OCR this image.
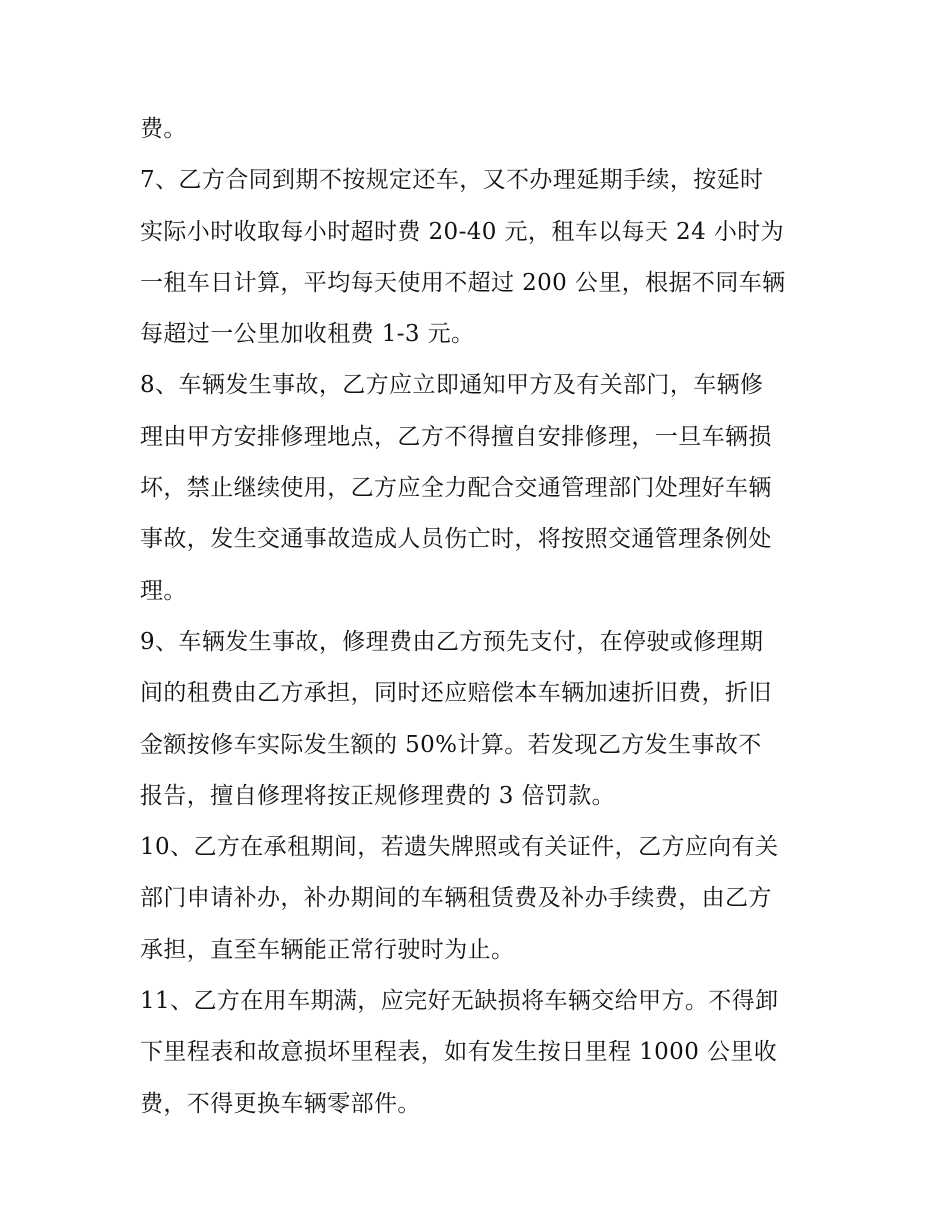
费。
7、乙方合同到期不按规定还车，又不办理延期手续，按延时
实际小时收取每小时超时费 20-40 元，租车以每天 24 小时为
一租车日计算，平均每天使用不超过 200 公里，根据不同车辆
每超过一公里加收租费 1-3 元。
8、车辆发生事故，乙方应立即通知甲方及有关部门，车辆修
理由甲方安排修理地点，乙方不得擅自安排修理，一旦车辆损
坏，禁止继续使用，乙方应全力配合交通管理部门处理好车辆
事故，发生交通事故造成人员伤亡时，将按照交通管理条例处
理。
9、车辆发生事故，修理费由乙方预先支付，在停驶或修理期
间的租费由乙方承担，同时还应赔偿本车辆加速折旧费，折旧
金额按修车实际发生额的 50%计算。若发现乙方发生事故不
报告，擅自修理将按正规修理费的 3 倍罚款。
10、乙方在承租期间，若遗失牌照或有关证件，乙方应向有关
部门申请补办，补办期间的车辆租赁费及补办手续费，由乙方
承担，直至车辆能正常行驶时为止。
11、乙方在用车期满，应完好无缺损将车辆交给甲方。不得卸
下里程表和故意损坏里程表，如有发生按日里程 1000 公里收
费，不得更换车辆零部件。
